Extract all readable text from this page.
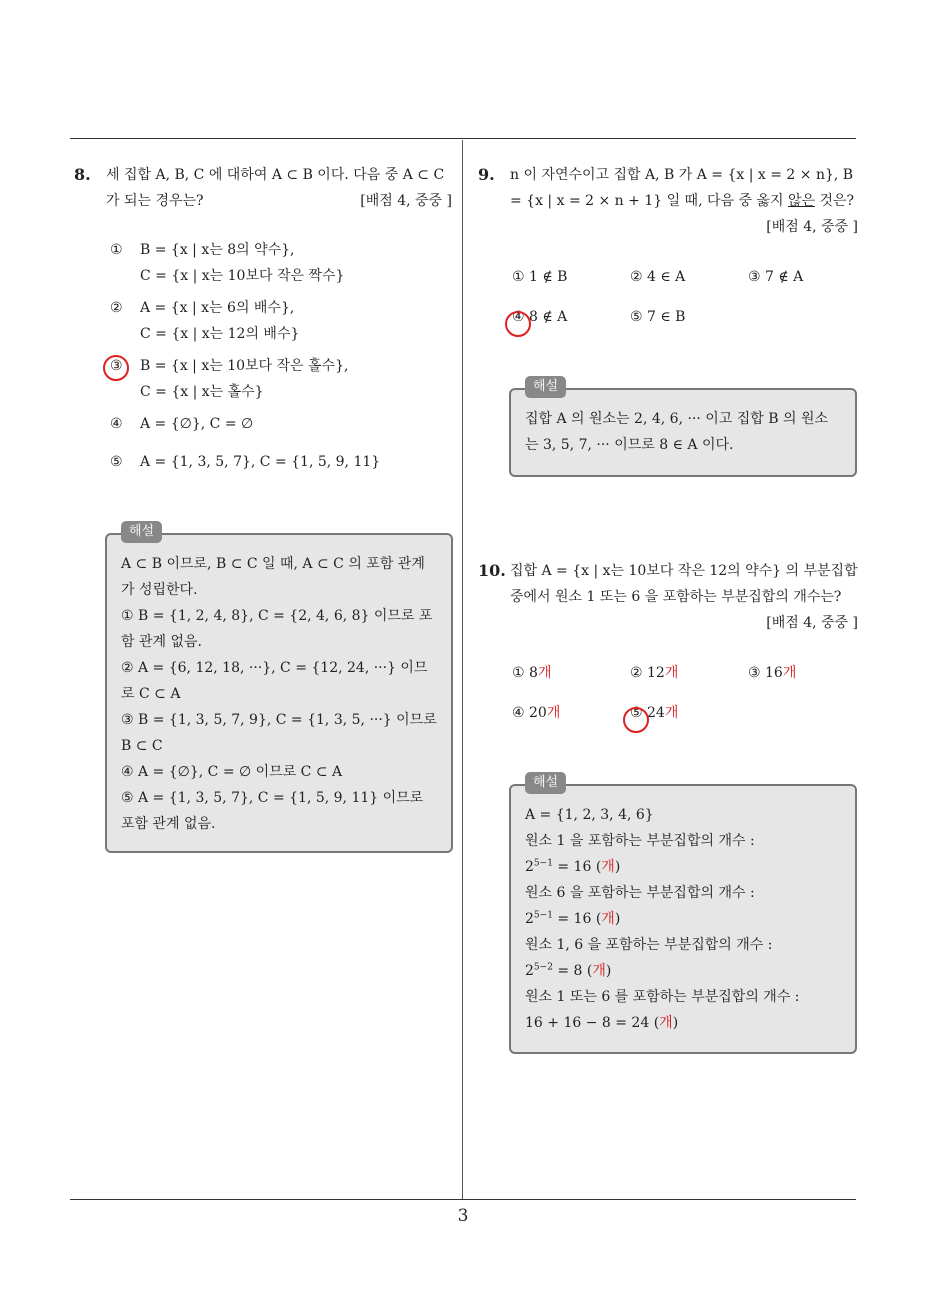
8. 세 집합 A, B, C 에 대하여 A ⊂ B 이다. 다음 중 A ⊂ C 가 되는 경우는?	[배점 4, 중중 ]
① B = {x | x는 8의 약수},
C = {x | x는 10보다 작은 짝수}
② A = {x | x는 6의 배수},
C = {x | x는 12의 배수}
③ B = {x | x는 10보다 작은 홀수},
C = {x | x는 홀수}
④ A = {∅}, C = ∅
⑤ A = {1, 3, 5, 7}, C = {1, 5, 9, 11}
해설

A ⊂ B 이므로, B ⊂ C 일 때, A ⊂ C 의 포함 관계가 성립한다.

① B = {1, 2, 4, 8}, C = {2, 4, 6, 8} 이므로 포함 관계 없음.

② A = {6, 12, 18, ···}, C = {12, 24, ···} 이므로 C ⊂ A

③ B = {1, 3, 5, 7, 9}, C = {1, 3, 5, ···} 이므로 B ⊂ C

④ A = {∅}, C = ∅ 이므로 C ⊂ A

⑤ A = {1, 3, 5, 7}, C = {1, 5, 9, 11} 이므로 포함 관계 없음.

9. n 이 자연수이고 집합 A, B 가 A = {x | x = 2 × n}, B = {x | x = 2 × n + 1} 일 때, 다음 중 옳지 않은 것은?
[배점 4, 중중 ]
① 1 ∉ B	② 4 ∈ A	③ 7 ∉ A
④ 8 ∉ A	⑤ 7 ∈ B
해설

집합 A 의 원소는 2, 4, 6, ··· 이고 집합 B 의 원소는 3, 5, 7, ··· 이므로 8 ∈ A 이다.

10. 집합 A = {x | x는 10보다 작은 12의 약수} 의 부분집합 중에서 원소 1 또는 6 을 포함하는 부분집합의 개수는?
[배점 4, 중중 ]
① 8개	② 12개	③ 16개
④ 20개	⑤ 24개
해설

A = {1, 2, 3, 4, 6}

원소 1 을 포함하는 부분집합의 개수 :

$2^{5-1} = 16$ (개)

원소 6 을 포함하는 부분집합의 개수 :

$2^{5-1} = 16$ (개)

원소 1, 6 을 포함하는 부분집합의 개수 :

$2^{5-2} = 8$ (개)

원소 1 또는 6 를 포함하는 부분집합의 개수 :

16 + 16 − 8 = 24 (개)

3
